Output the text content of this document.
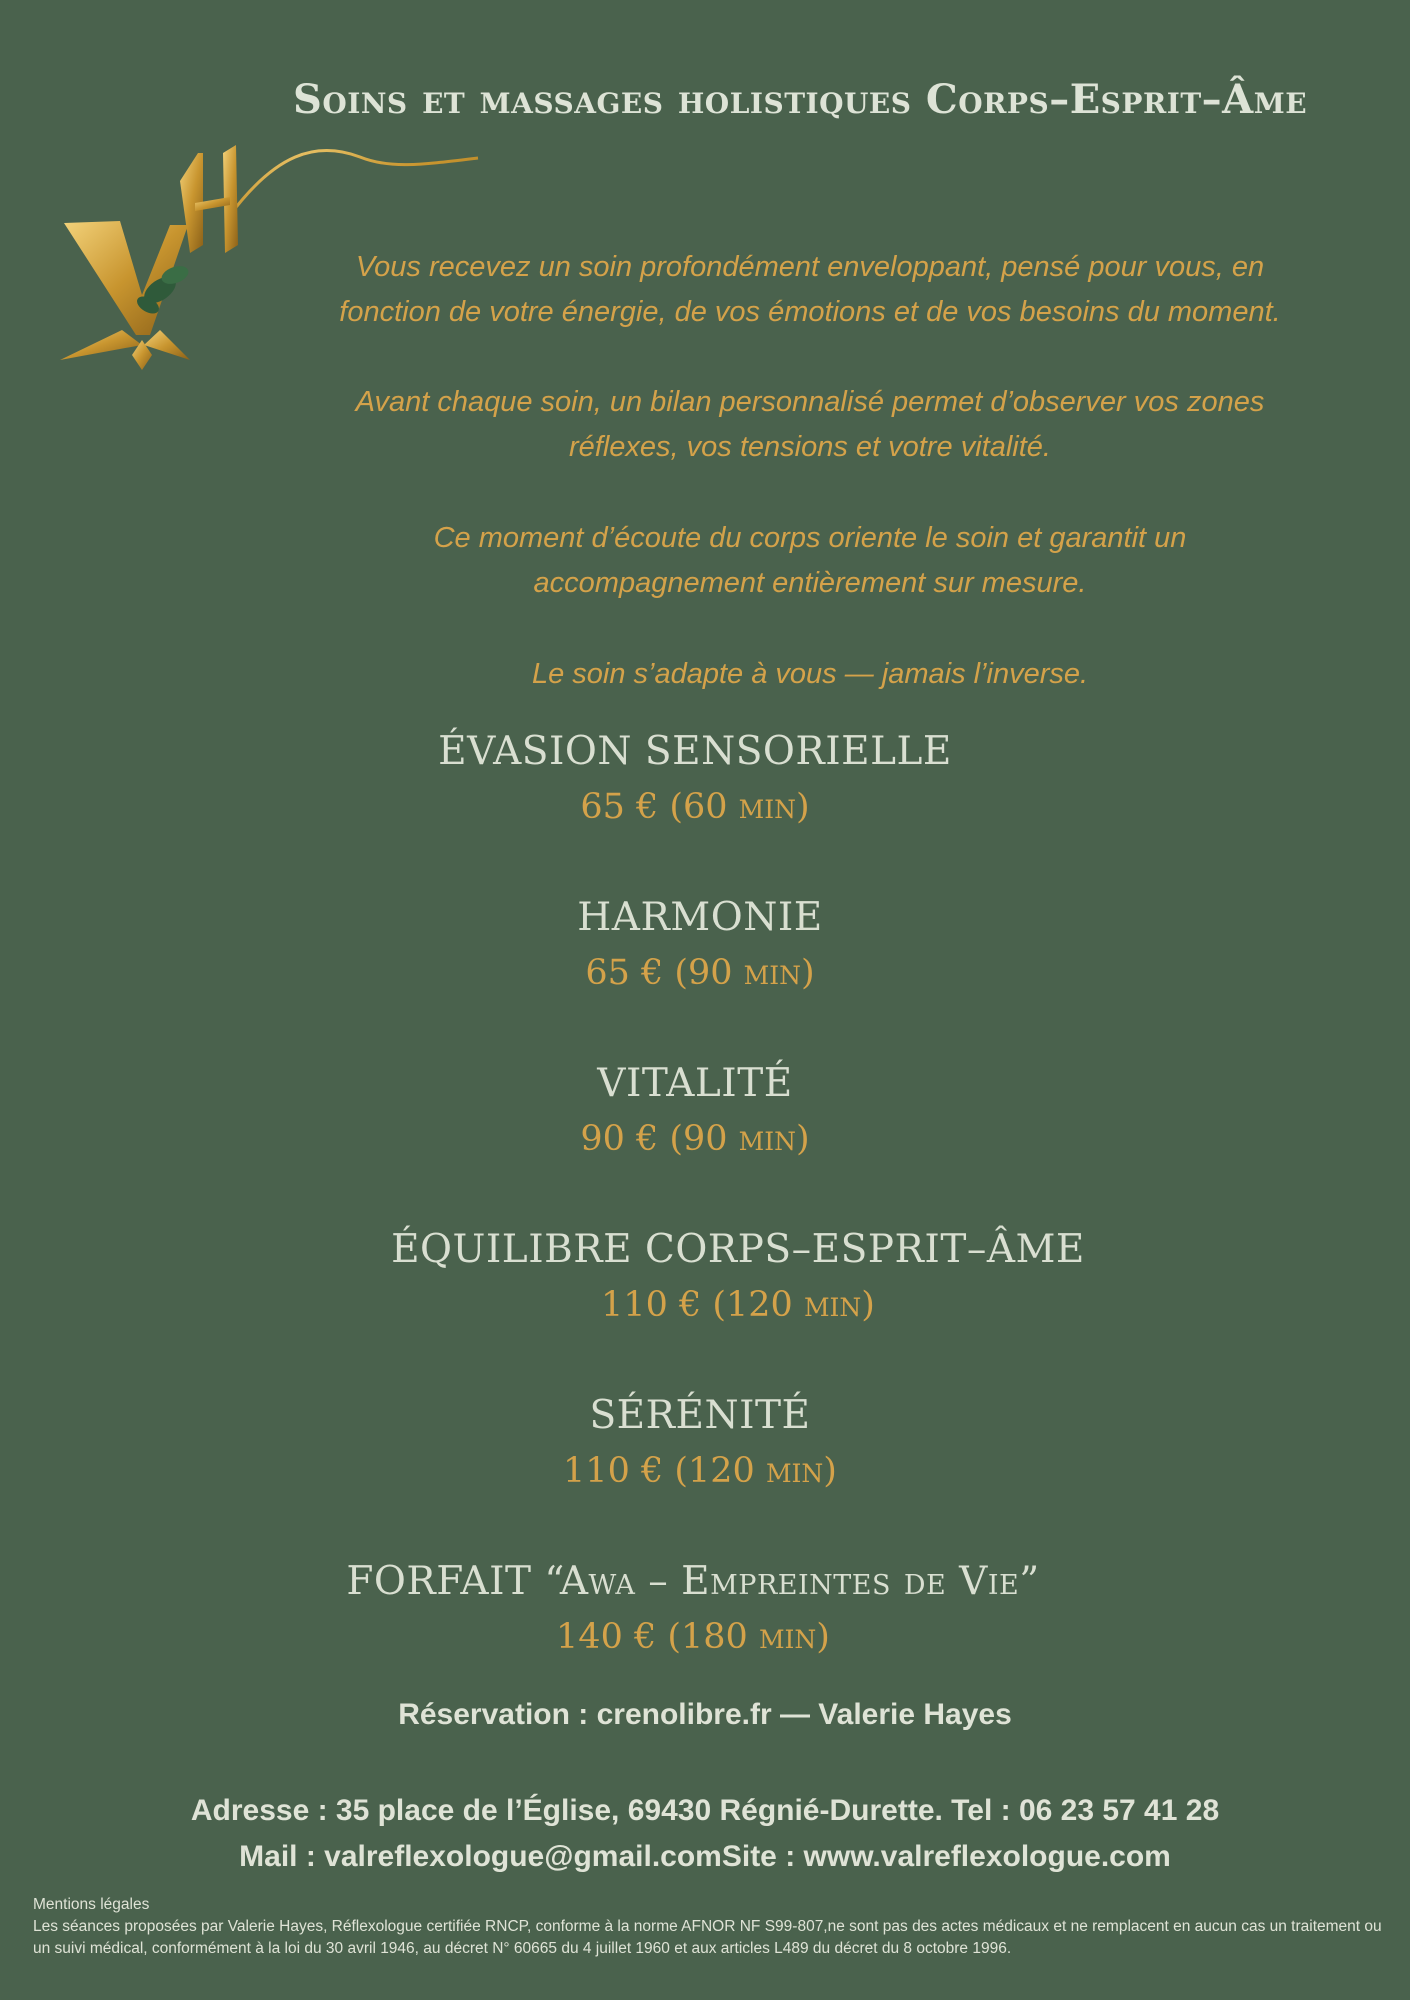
Soins et massages holistiques Corps–Esprit–Âme

Vous recevez un soin profondément enveloppant, pensé pour vous, en
fonction de votre énergie, de vos émotions et de vos besoins du moment.

Avant chaque soin, un bilan personnalisé permet d’observer vos zones
réflexes, vos tensions et votre vitalité.

Ce moment d’écoute du corps oriente le soin et garantit un
accompagnement entièrement sur mesure.

Le soin s’adapte à vous — jamais l’inverse.

ÉVASION SENSORIELLE
65 € (60 min)
HARMONIE
65 € (90 min)
VITALITÉ
90 € (90 min)
ÉQUILIBRE CORPS–ESPRIT–ÂME
110 € (120 min)
SÉRÉNITÉ
110 € (120 min)
FORFAIT “Awa – Empreintes de Vie”
140 € (180 min)

Réservation : crenolibre.fr — Valerie Hayes

Adresse : 35 place de l’Église, 69430 Régnié-Durette. Tel : 06 23 57 41 28
Mail : valreflexologue@gmail.comSite : www.valreflexologue.com

Mentions légales
Les séances proposées par Valerie Hayes, Réflexologue certifiée RNCP, conforme à la norme AFNOR NF S99-807,ne sont pas des actes médicaux et ne remplacent en aucun cas un traitement ou un suivi médical, conformément à la loi du 30 avril 1946, au décret N° 60665 du 4 juillet 1960 et aux articles L489 du décret du 8 octobre 1996.
